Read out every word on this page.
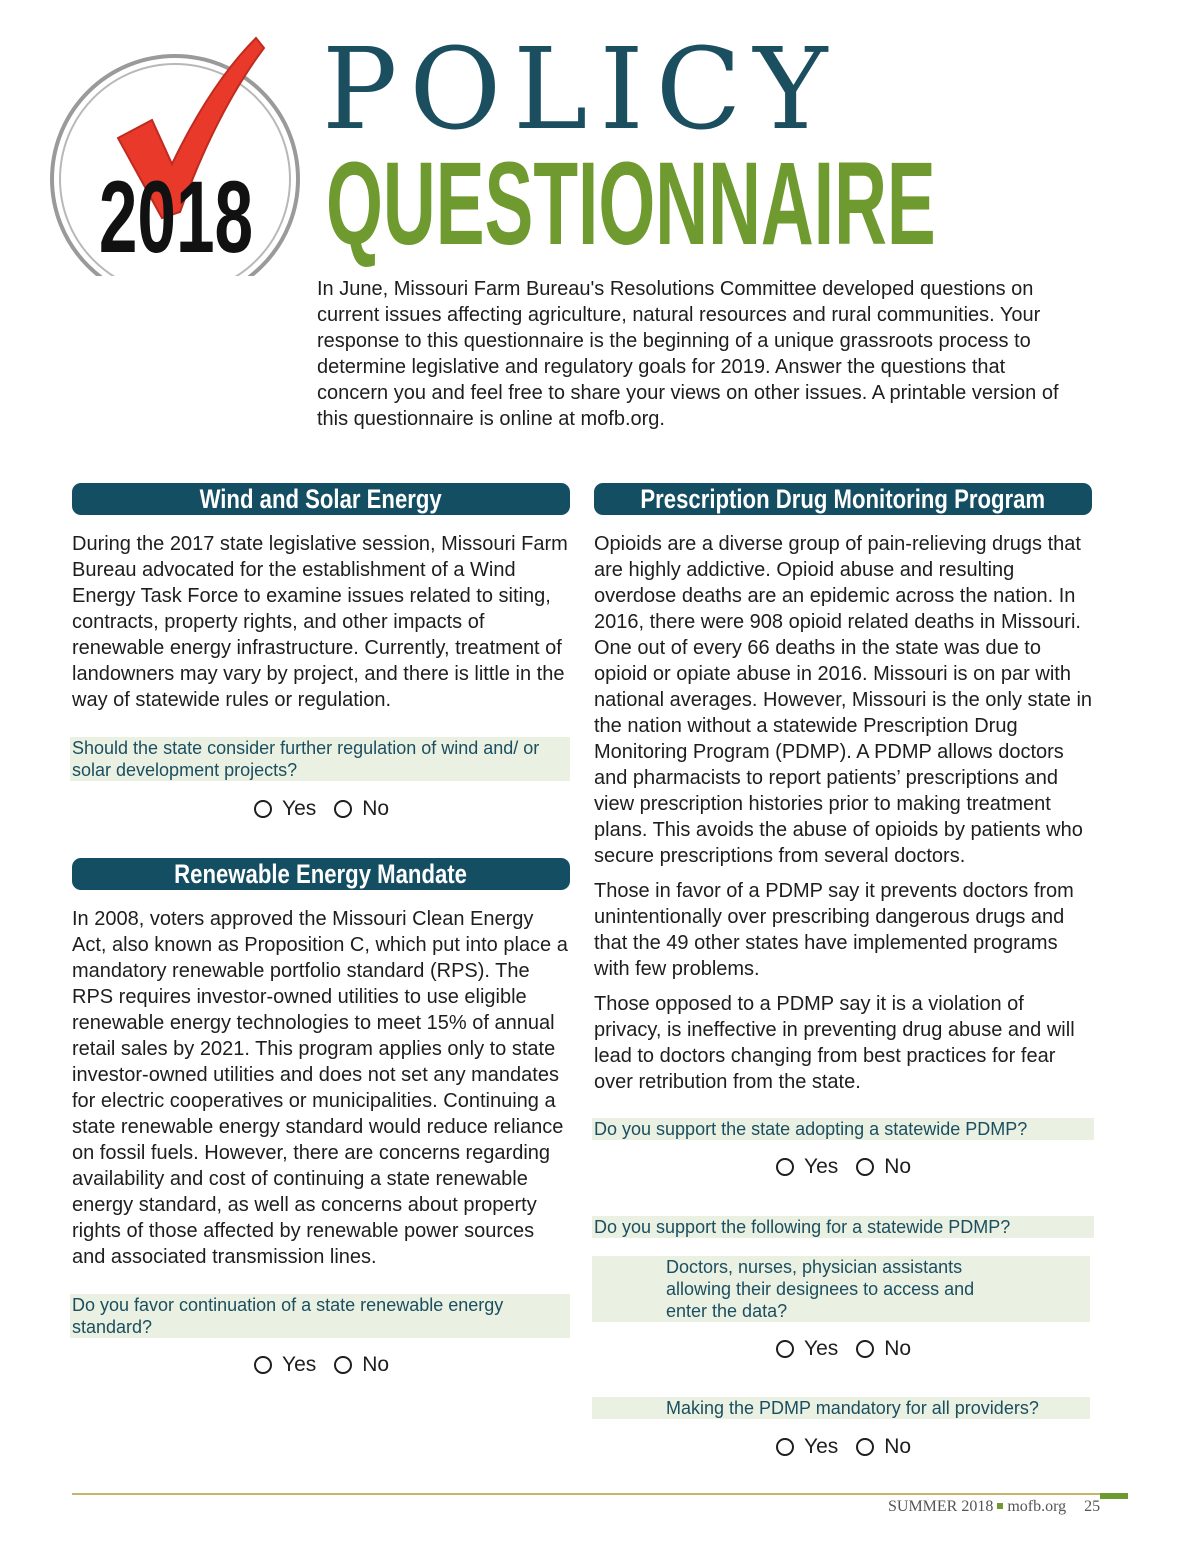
2018
POLICY
QUESTIONNAIRE
In June, Missouri Farm Bureau's Resolutions Committee developed questions on current issues affecting agriculture, natural resources and rural communities. Your response to this questionnaire is the beginning of a unique grassroots process to determine legislative and regulatory goals for 2019. Answer the questions that concern you and feel free to share your views on other issues. A printable version of this questionnaire is online at mofb.org.
Wind and Solar Energy

During the 2017 state legislative session, Missouri Farm Bureau advocated for the establishment of a Wind Energy Task Force to examine issues related to siting, contracts, property rights, and other impacts of renewable energy infrastructure. Currently, treatment of landowners may vary by project, and there is little in the way of statewide rules or regulation.

Should the state consider further regulation of wind and/ or solar development projects?
Yes No
Renewable Energy Mandate

In 2008, voters approved the Missouri Clean Energy Act, also known as Proposition C, which put into place a mandatory renewable portfolio standard (RPS). The RPS requires investor-owned utilities to use eligible renewable energy technologies to meet 15% of annual retail sales by 2021. This program applies only to state investor-owned utilities and does not set any mandates for electric cooperatives or municipalities. Continuing a state renewable energy standard would reduce reliance on fossil fuels. However, there are concerns regarding availability and cost of continuing a state renewable energy standard, as well as concerns about property rights of those affected by renewable power sources and associated transmission lines.

Do you favor continuation of a state renewable energy standard?
Yes No
Prescription Drug Monitoring Program

Opioids are a diverse group of pain-relieving drugs that are highly addictive. Opioid abuse and resulting overdose deaths are an epidemic across the nation. In 2016, there were 908 opioid related deaths in Missouri. One out of every 66 deaths in the state was due to opioid or opiate abuse in 2016. Missouri is on par with national averages. However, Missouri is the only state in the nation without a statewide Prescription Drug Monitoring Program (PDMP). A PDMP allows doctors and pharmacists to report patients’ prescriptions and view prescription histories prior to making treatment plans. This avoids the abuse of opioids by patients who secure prescriptions from several doctors.

Those in favor of a PDMP say it prevents doctors from unintentionally over prescribing dangerous drugs and that the 49 other states have implemented programs with few problems.

Those opposed to a PDMP say it is a violation of privacy, is ineffective in preventing drug abuse and will lead to doctors changing from best practices for fear over retribution from the state.

Do you support the state adopting a statewide PDMP?
Yes No
Do you support the following for a statewide PDMP?
Doctors, nurses, physician assistants allowing their designees to access and enter the data?
Yes No
Making the PDMP mandatory for all providers?
Yes No
SUMMER 2018 mofb.org 25
